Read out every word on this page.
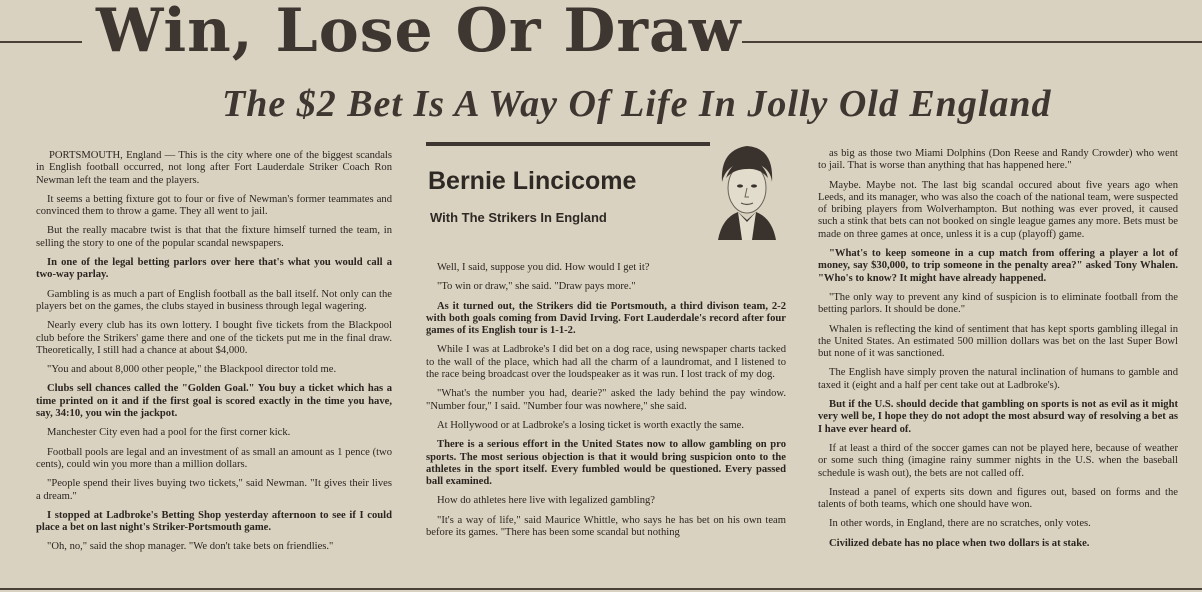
Win, Lose Or Draw
The $2 Bet Is A Way Of Life In Jolly Old England

PORTSMOUTH, England — This is the city where one of the biggest scandals in English football occurred, not long after Fort Lauderdale Striker Coach Ron Newman left the team and the players.

It seems a betting fixture got to four or five of Newman's former teammates and convinced them to throw a game. They all went to jail.

But the really macabre twist is that that the fixture himself turned the team, in selling the story to one of the popular scandal newspapers.

In one of the legal betting parlors over here that's what you would call a two-way parlay.

Gambling is as much a part of English football as the ball itself. Not only can the players bet on the games, the clubs stayed in business through legal wagering.

Nearly every club has its own lottery. I bought five tickets from the Blackpool club before the Strikers' game there and one of the tickets put me in the final draw. Theoretically, I still had a chance at about $4,000.

"You and about 8,000 other people," the Blackpool director told me.

Clubs sell chances called the "Golden Goal." You buy a ticket which has a time printed on it and if the first goal is scored exactly in the time you have, say, 34:10, you win the jackpot.

Manchester City even had a pool for the first corner kick.

Football pools are legal and an investment of as small an amount as 1 pence (two cents), could win you more than a million dollars.

"People spend their lives buying two tickets," said Newman. "It gives their lives a dream."

I stopped at Ladbroke's Betting Shop yesterday afternoon to see if I could place a bet on last night's Striker-Portsmouth game.

"Oh, no," said the shop manager. "We don't take bets on friendlies."

Bernie Lincicome
With The Strikers In England

Well, I said, suppose you did. How would I get it?

"To win or draw," she said. "Draw pays more."

As it turned out, the Strikers did tie Portsmouth, a third divison team, 2-2 with both goals coming from David Irving. Fort Lauderdale's record after four games of its English tour is 1-1-2.

While I was at Ladbroke's I did bet on a dog race, using newspaper charts tacked to the wall of the place, which had all the charm of a laundromat, and I listened to the race being broadcast over the loudspeaker as it was run. I lost track of my dog.

"What's the number you had, dearie?" asked the lady behind the pay window. "Number four," I said. "Number four was nowhere," she said.

At Hollywood or at Ladbroke's a losing ticket is worth exactly the same.

There is a serious effort in the United States now to allow gambling on pro sports. The most serious objection is that it would bring suspicion onto to the athletes in the sport itself. Every fumbled would be questioned. Every passed ball examined.

How do athletes here live with legalized gambling?

"It's a way of life," said Maurice Whittle, who says he has bet on his own team before its games. "There has been some scandal but nothing

as big as those two Miami Dolphins (Don Reese and Randy Crowder) who went to jail. That is worse than anything that has happened here."

Maybe. Maybe not. The last big scandal occured about five years ago when Leeds, and its manager, who was also the coach of the national team, were suspected of bribing players from Wolverhampton. But nothing was ever proved, it caused such a stink that bets can not booked on single league games any more. Bets must be made on three games at once, unless it is a cup (playoff) game.

"What's to keep someone in a cup match from offering a player a lot of money, say $30,000, to trip someone in the penalty area?" asked Tony Whalen. "Who's to know? It might have already happened.

"The only way to prevent any kind of suspicion is to eliminate football from the betting parlors. It should be done."

Whalen is reflecting the kind of sentiment that has kept sports gambling illegal in the United States. An estimated 500 million dollars was bet on the last Super Bowl but none of it was sanctioned.

The English have simply proven the natural inclination of humans to gamble and taxed it (eight and a half per cent take out at Ladbroke's).

But if the U.S. should decide that gambling on sports is not as evil as it might very well be, I hope they do not adopt the most absurd way of resolving a bet as I have ever heard of.

If at least a third of the soccer games can not be played here, because of weather or some such thing (imagine rainy summer nights in the U.S. when the baseball schedule is wash out), the bets are not called off.

Instead a panel of experts sits down and figures out, based on forms and the talents of both teams, which one should have won.

In other words, in England, there are no scratches, only votes.

Civilized debate has no place when two dollars is at stake.
